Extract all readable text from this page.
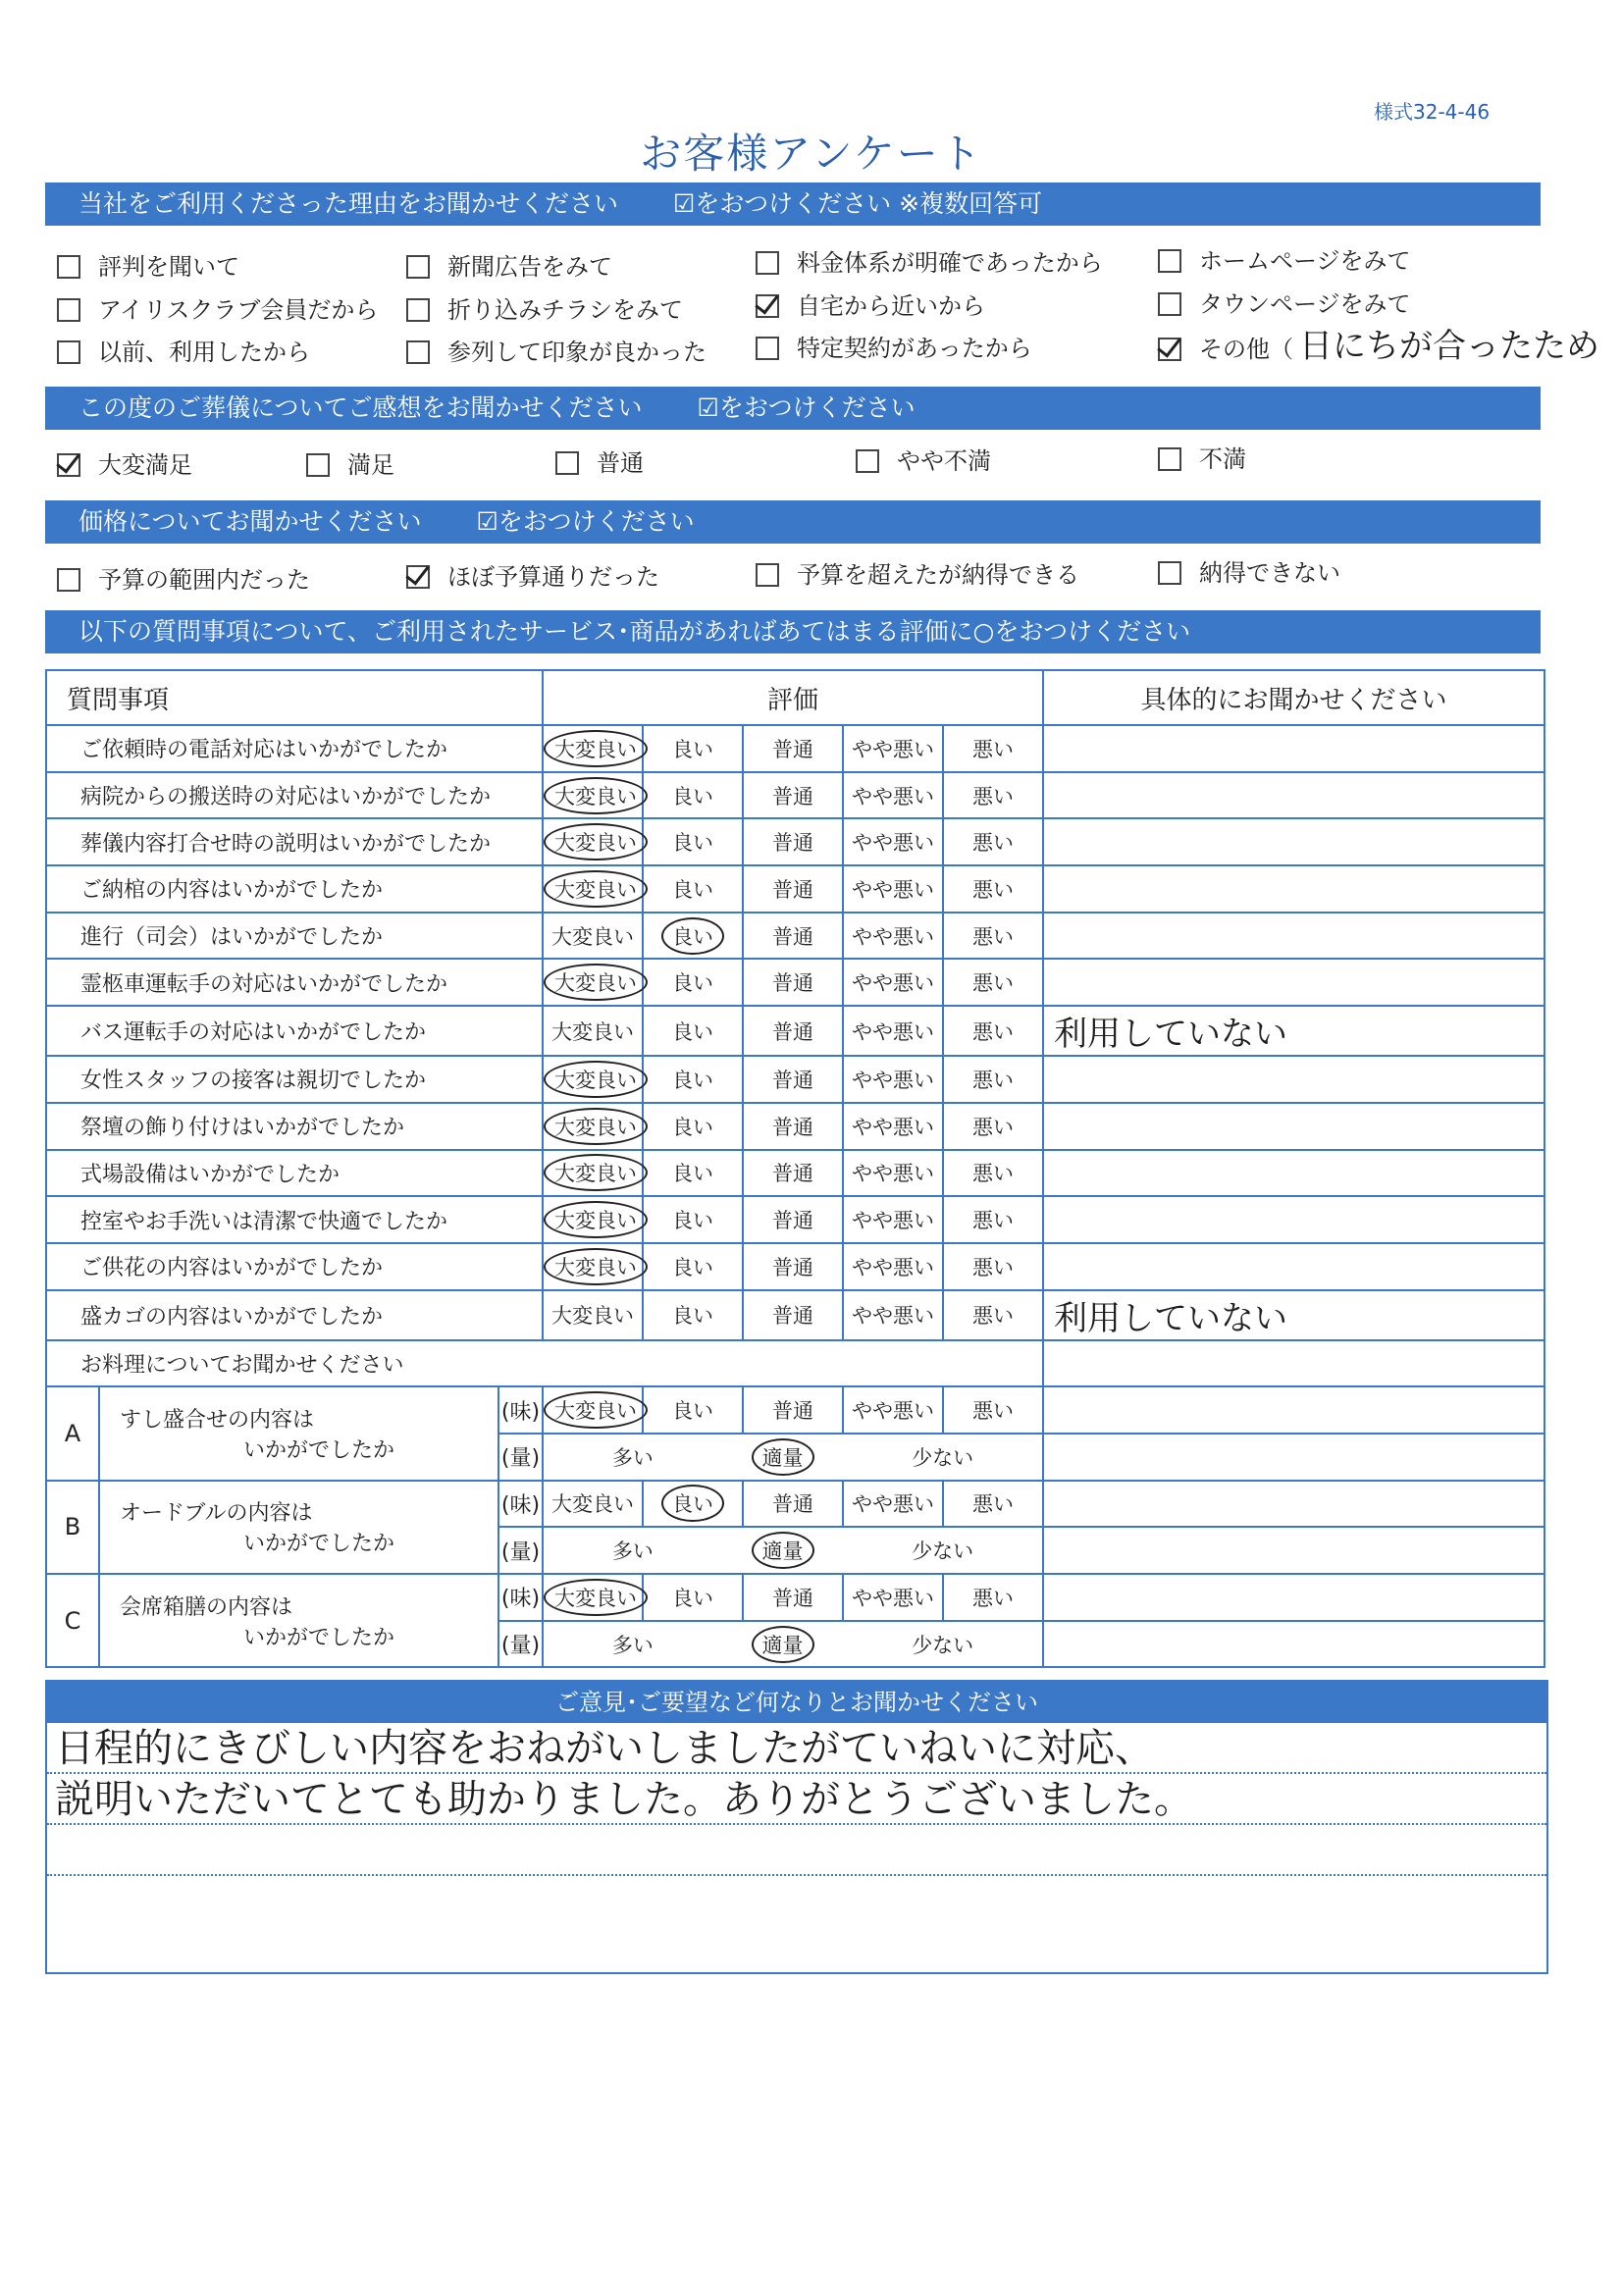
様式32-4-46
お客様アンケート
当社をご利用くださった理由をお聞かせください ☑をおつけください ※複数回答可
評判を聞いて
アイリスクラブ会員だから
以前、利用したから
新聞広告をみて
折り込みチラシをみて
参列して印象が良かった
料金体系が明確であったから
自宅から近いから
特定契約があったから
ホームページをみて
タウンページをみて
その他（ 日にちが合ったため
この度のご葬儀についてご感想をお聞かせください ☑をおつけください
大変満足	満足	普通	やや不満	不満
価格についてお聞かせください ☑をおつけください
予算の範囲内だった	ほぼ予算通りだった	予算を超えたが納得できる	納得できない
以下の質問事項について、ご利用されたサービス･商品があればあてはまる評価に○をおつけください
質問事項			評価					具体的にお聞かせください
ご依頼時の電話対応はいかがでしたか			大変良い	良い	普通	やや悪い	悪い	
病院からの搬送時の対応はいかがでしたか			大変良い	良い	普通	やや悪い	悪い	
葬儀内容打合せ時の説明はいかがでしたか			大変良い	良い	普通	やや悪い	悪い	
ご納棺の内容はいかがでしたか			大変良い	良い	普通	やや悪い	悪い	
進行（司会）はいかがでしたか			大変良い	良い	普通	やや悪い	悪い	
霊柩車運転手の対応はいかがでしたか			大変良い	良い	普通	やや悪い	悪い	
バス運転手の対応はいかがでしたか			大変良い	良い	普通	やや悪い	悪い	利用していない
女性スタッフの接客は親切でしたか			大変良い	良い	普通	やや悪い	悪い	
祭壇の飾り付けはいかがでしたか			大変良い	良い	普通	やや悪い	悪い	
式場設備はいかがでしたか			大変良い	良い	普通	やや悪い	悪い	
控室やお手洗いは清潔で快適でしたか			大変良い	良い	普通	やや悪い	悪い	
ご供花の内容はいかがでしたか			大変良い	良い	普通	やや悪い	悪い	
盛カゴの内容はいかがでしたか			大変良い	良い	普通	やや悪い	悪い	利用していない
お料理についてお聞かせください								
A	すし盛合せの内容は
いかがでしたか	(味)	大変良い	良い	普通	やや悪い	悪い	
		(量)	多い 適量 少ない					

B	オードブルの内容は
いかがでしたか	(味)	大変良い	良い	普通	やや悪い	悪い	
		(量)	多い 適量 少ない					

C	会席箱膳の内容は
いかがでしたか	(味)	大変良い	良い	普通	やや悪い	悪い	
		(量)	多い 適量 少ない					

ご意見･ご要望など何なりとお聞かせください
日程的にきびしい内容をおねがいしましたがていねいに対応、
説明いただいてとても助かりました。ありがとうございました。
